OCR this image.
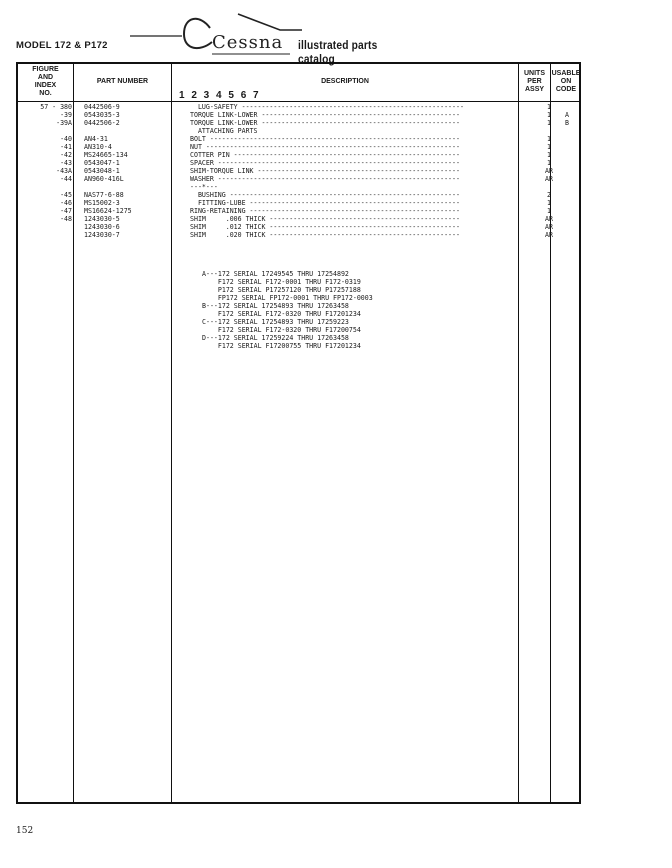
MODEL 172 & P172	Cessna illustrated parts catalog
FIGURE
AND
INDEX
NO.
PART NUMBER	DESCRIPTION
1 2 3 4 5 6 7
UNITS
PER
ASSY
USABLE
ON
CODE
57 - 380 0442506-9	LUG-SAFETY --------------------------------------------------------	1
-39 0543035-3	TORQUE LINK-LOWER --------------------------------------------------	1	A
-39A 0442506-2	TORQUE LINK-LOWER --------------------------------------------------	1	B
ATTACHING PARTS
-40 AN4-31	BOLT ---------------------------------------------------------------	1
-41 AN310-4	NUT ----------------------------------------------------------------	1
-42 MS24665-134	COTTER PIN ---------------------------------------------------------	1
-43 0543047-1	SPACER -------------------------------------------------------------	1
-43A 0543048-1	SHIM-TORQUE LINK ---------------------------------------------------	AR
-44 AN960-416L	WASHER -------------------------------------------------------------	AR
---*---
-45 NAS77-6-88	BUSHING ----------------------------------------------------------	2
-46 MS15002-3	FITTING-LUBE -----------------------------------------------------	1
-47 MS16624-1275	RING-RETAINING -----------------------------------------------------	1
-48 1243030-5	SHIM     .006 THICK ------------------------------------------------	AR
1243030-6	SHIM     .012 THICK ------------------------------------------------	AR
1243030-7	SHIM     .020 THICK ------------------------------------------------	AR
A---172 SERIAL 17249545 THRU 17254892
F172 SERIAL F172-0001 THRU F172-0319
P172 SERIAL P17257120 THRU P17257188
FP172 SERIAL FP172-0001 THRU FP172-0003
B---172 SERIAL 17254893 THRU 17263458
F172 SERIAL F172-0320 THRU F17201234
C---172 SERIAL 17254893 THRU 17259223
F172 SERIAL F172-0320 THRU F17200754
D---172 SERIAL 17259224 THRU 17263458
F172 SERIAL F17200755 THRU F17201234
152
